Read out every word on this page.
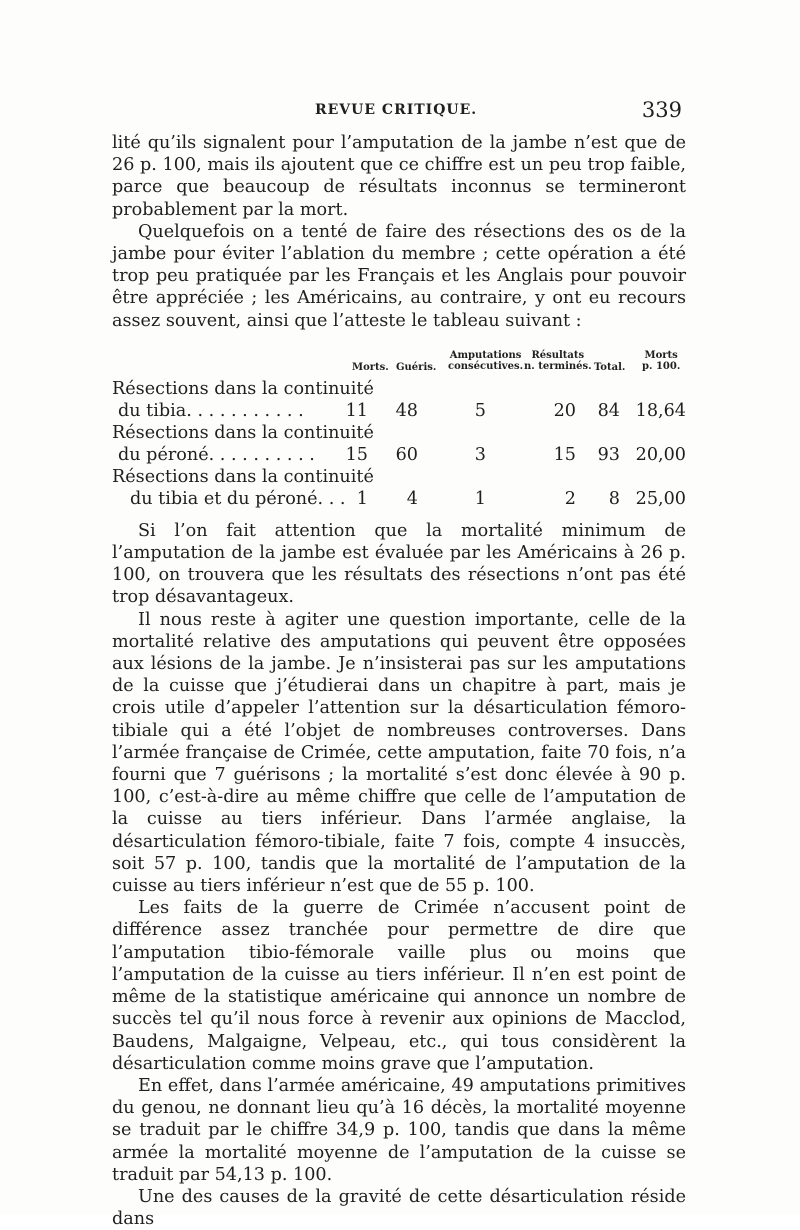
REVUE CRITIQUE.	339

lité qu’ils signalent pour l’amputation de la jambe n’est que de 26 p. 100, mais ils ajoutent que ce chiffre est un peu trop faible, parce que beaucoup de résultats inconnus se termineront probablement par la mort.

Quelquefois on a tenté de faire des résections des os de la jambe pour éviter l’ablation du membre ; cette opération a été trop peu pratiquée par les Français et les Anglais pour pouvoir être appréciée ; les Américains, au contraire, y ont eu recours assez souvent, ainsi que l’atteste le tableau suivant :

Morts. Guéris.
Amputations
consécutives.
Résultats
n. terminés. Total.
Morts
p. 100.
Résections dans la continuité
du tibia. . . . . . . . . . . 11 48	5	20 84 18,64
Résections dans la continuité
du péroné. . . . . . . . . . 15 60	3	15 93 20,00
Résections dans la continuité
du tibia et du péroné. . . 1 4	1	2 8 25,00

Si l’on fait attention que la mortalité minimum de l’amputation de la jambe est évaluée par les Américains à 26 p. 100, on trouvera que les résultats des résections n’ont pas été trop désavantageux.

Il nous reste à agiter une question importante, celle de la mortalité relative des amputations qui peuvent être opposées aux lésions de la jambe. Je n’insisterai pas sur les amputations de la cuisse que j’étudierai dans un chapitre à part, mais je crois utile d’appeler l’attention sur la désarticulation fémoro-tibiale qui a été l’objet de nombreuses controverses. Dans l’armée française de Crimée, cette amputation, faite 70 fois, n’a fourni que 7 guérisons ; la mortalité s’est donc élevée à 90 p. 100, c’est-à-dire au même chiffre que celle de l’amputation de la cuisse au tiers inférieur. Dans l’armée anglaise, la désarticulation fémoro-tibiale, faite 7 fois, compte 4 insuccès, soit 57 p. 100, tandis que la mortalité de l’amputation de la cuisse au tiers inférieur n’est que de 55 p. 100.

Les faits de la guerre de Crimée n’accusent point de différence assez tranchée pour permettre de dire que l’amputation tibio-fémorale vaille plus ou moins que l’amputation de la cuisse au tiers inférieur. Il n’en est point de même de la statistique américaine qui annonce un nombre de succès tel qu’il nous force à revenir aux opinions de Macclod, Baudens, Malgaigne, Velpeau, etc., qui tous considèrent la désarticulation comme moins grave que l’amputation.

En effet, dans l’armée américaine, 49 amputations primitives du genou, ne donnant lieu qu’à 16 décès, la mortalité moyenne se traduit par le chiffre 34,9 p. 100, tandis que dans la même armée la mortalité moyenne de l’amputation de la cuisse se traduit par 54,13 p. 100.

Une des causes de la gravité de cette désarticulation réside dans
